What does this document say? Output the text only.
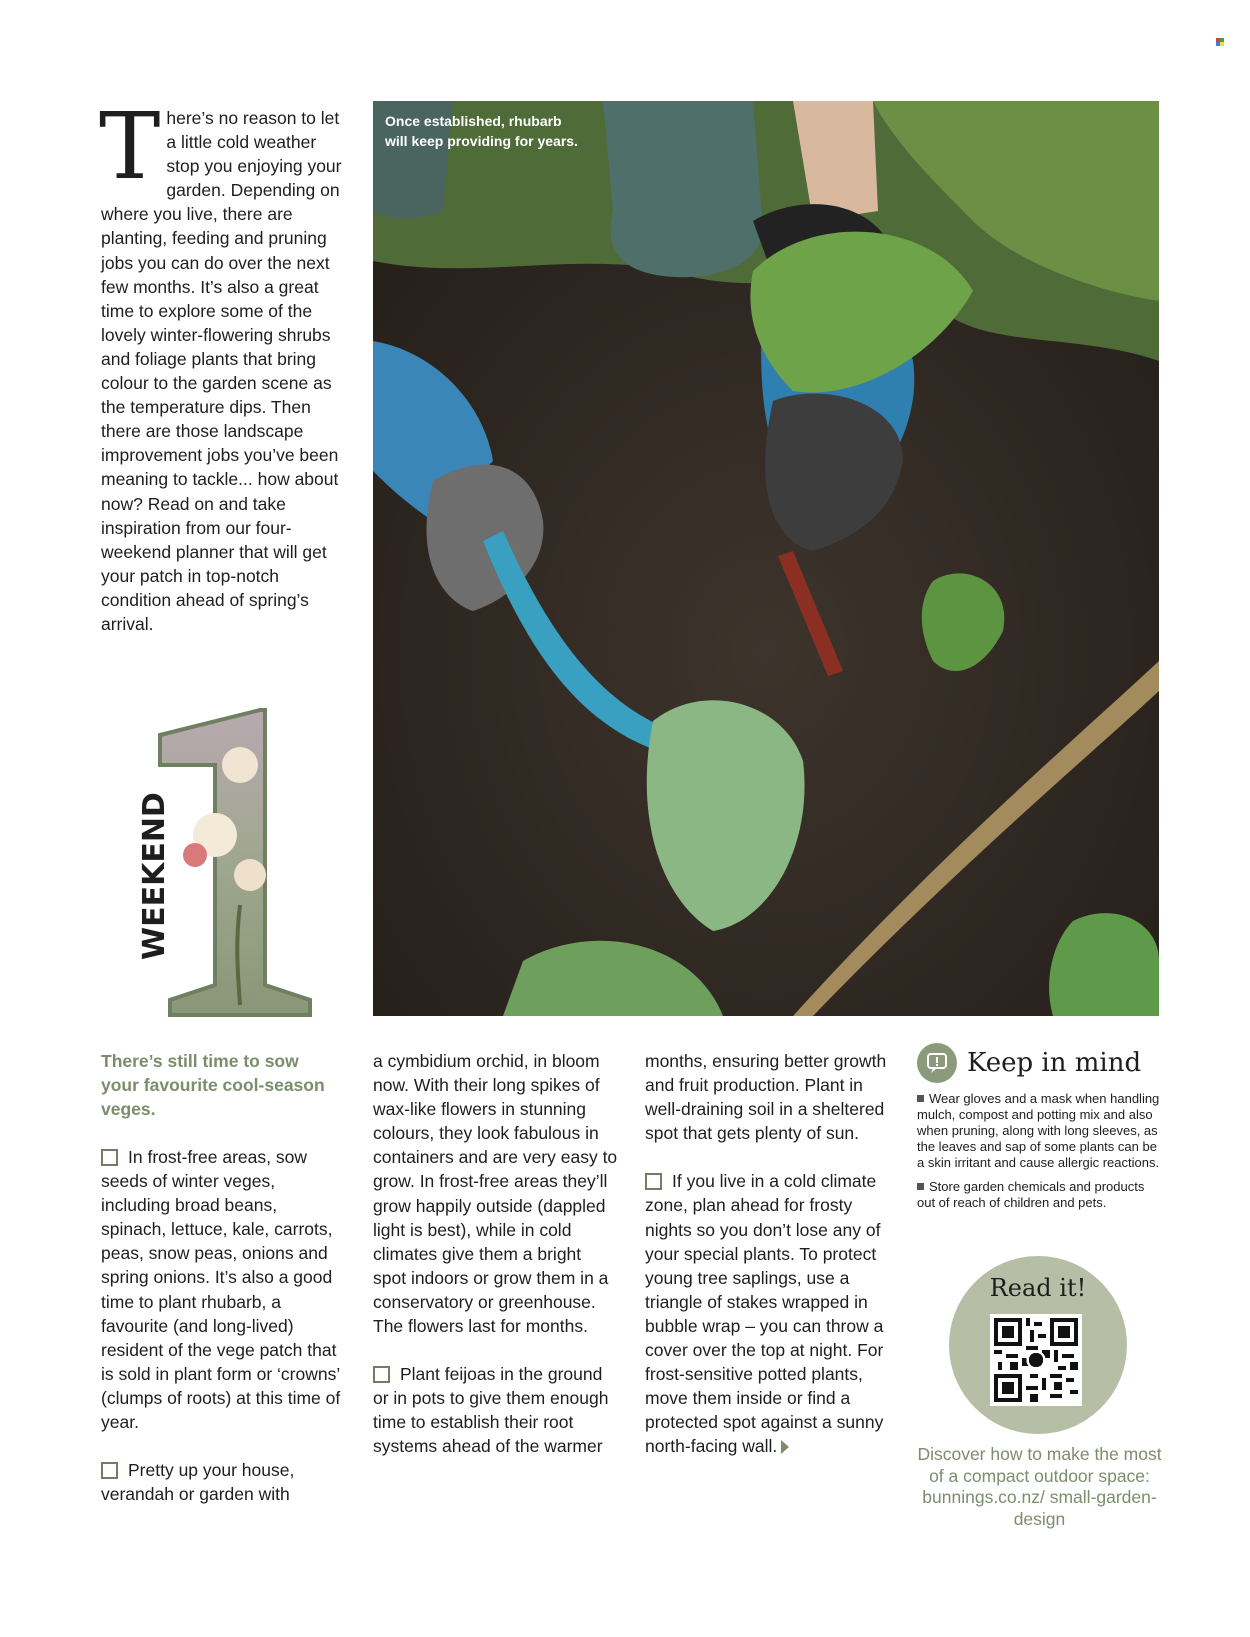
T here’s no reason to let a little cold weather stop you enjoying your garden. Depending on where you live, there are planting, feeding and pruning jobs you can do over the next few months. It’s also a great time to explore some of the lovely winter-flowering shrubs and foliage plants that bring colour to the garden scene as the temperature dips. Then there are those landscape improvement jobs you’ve been meaning to tackle... how about now? Read on and take inspiration from our four-weekend planner that will get your patch in top-notch condition ahead of spring’s arrival.
Once established, rhubarb will keep providing for years.
WEEKEND
There’s still time to sow your favourite cool-season veges.

In frost-free areas, sow seeds of winter veges, including broad beans, spinach, lettuce, kale, carrots, peas, snow peas, onions and spring onions. It’s also a good time to plant rhubarb, a favourite (and long-lived) resident of the vege patch that is sold in plant form or ‘crowns’ (clumps of roots) at this time of year.

Pretty up your house, verandah or garden with

a cymbidium orchid, in bloom now. With their long spikes of wax-like flowers in stunning colours, they look fabulous in containers and are very easy to grow. In frost-free areas they’ll grow happily outside (dappled light is best), while in cold climates give them a bright spot indoors or grow them in a conservatory or greenhouse. The flowers last for months.

Plant feijoas in the ground or in pots to give them enough time to establish their root systems ahead of the warmer

months, ensuring better growth and fruit production. Plant in well-draining soil in a sheltered spot that gets plenty of sun.

If you live in a cold climate zone, plan ahead for frosty nights so you don’t lose any of your special plants. To protect young tree saplings, use a triangle of stakes wrapped in bubble wrap – you can throw a cover over the top at night. For frost-sensitive potted plants, move them inside or find a protected spot against a sunny north-facing wall.

Keep in mind
Wear gloves and a mask when handling mulch, compost and potting mix and also when pruning, along with long sleeves, as the leaves and sap of some plants can be a skin irritant and cause allergic reactions.
Store garden chemicals and products out of reach of children and pets.
Read it!
Discover how to make the most of a compact outdoor space: bunnings.co.nz/ small-garden-design
